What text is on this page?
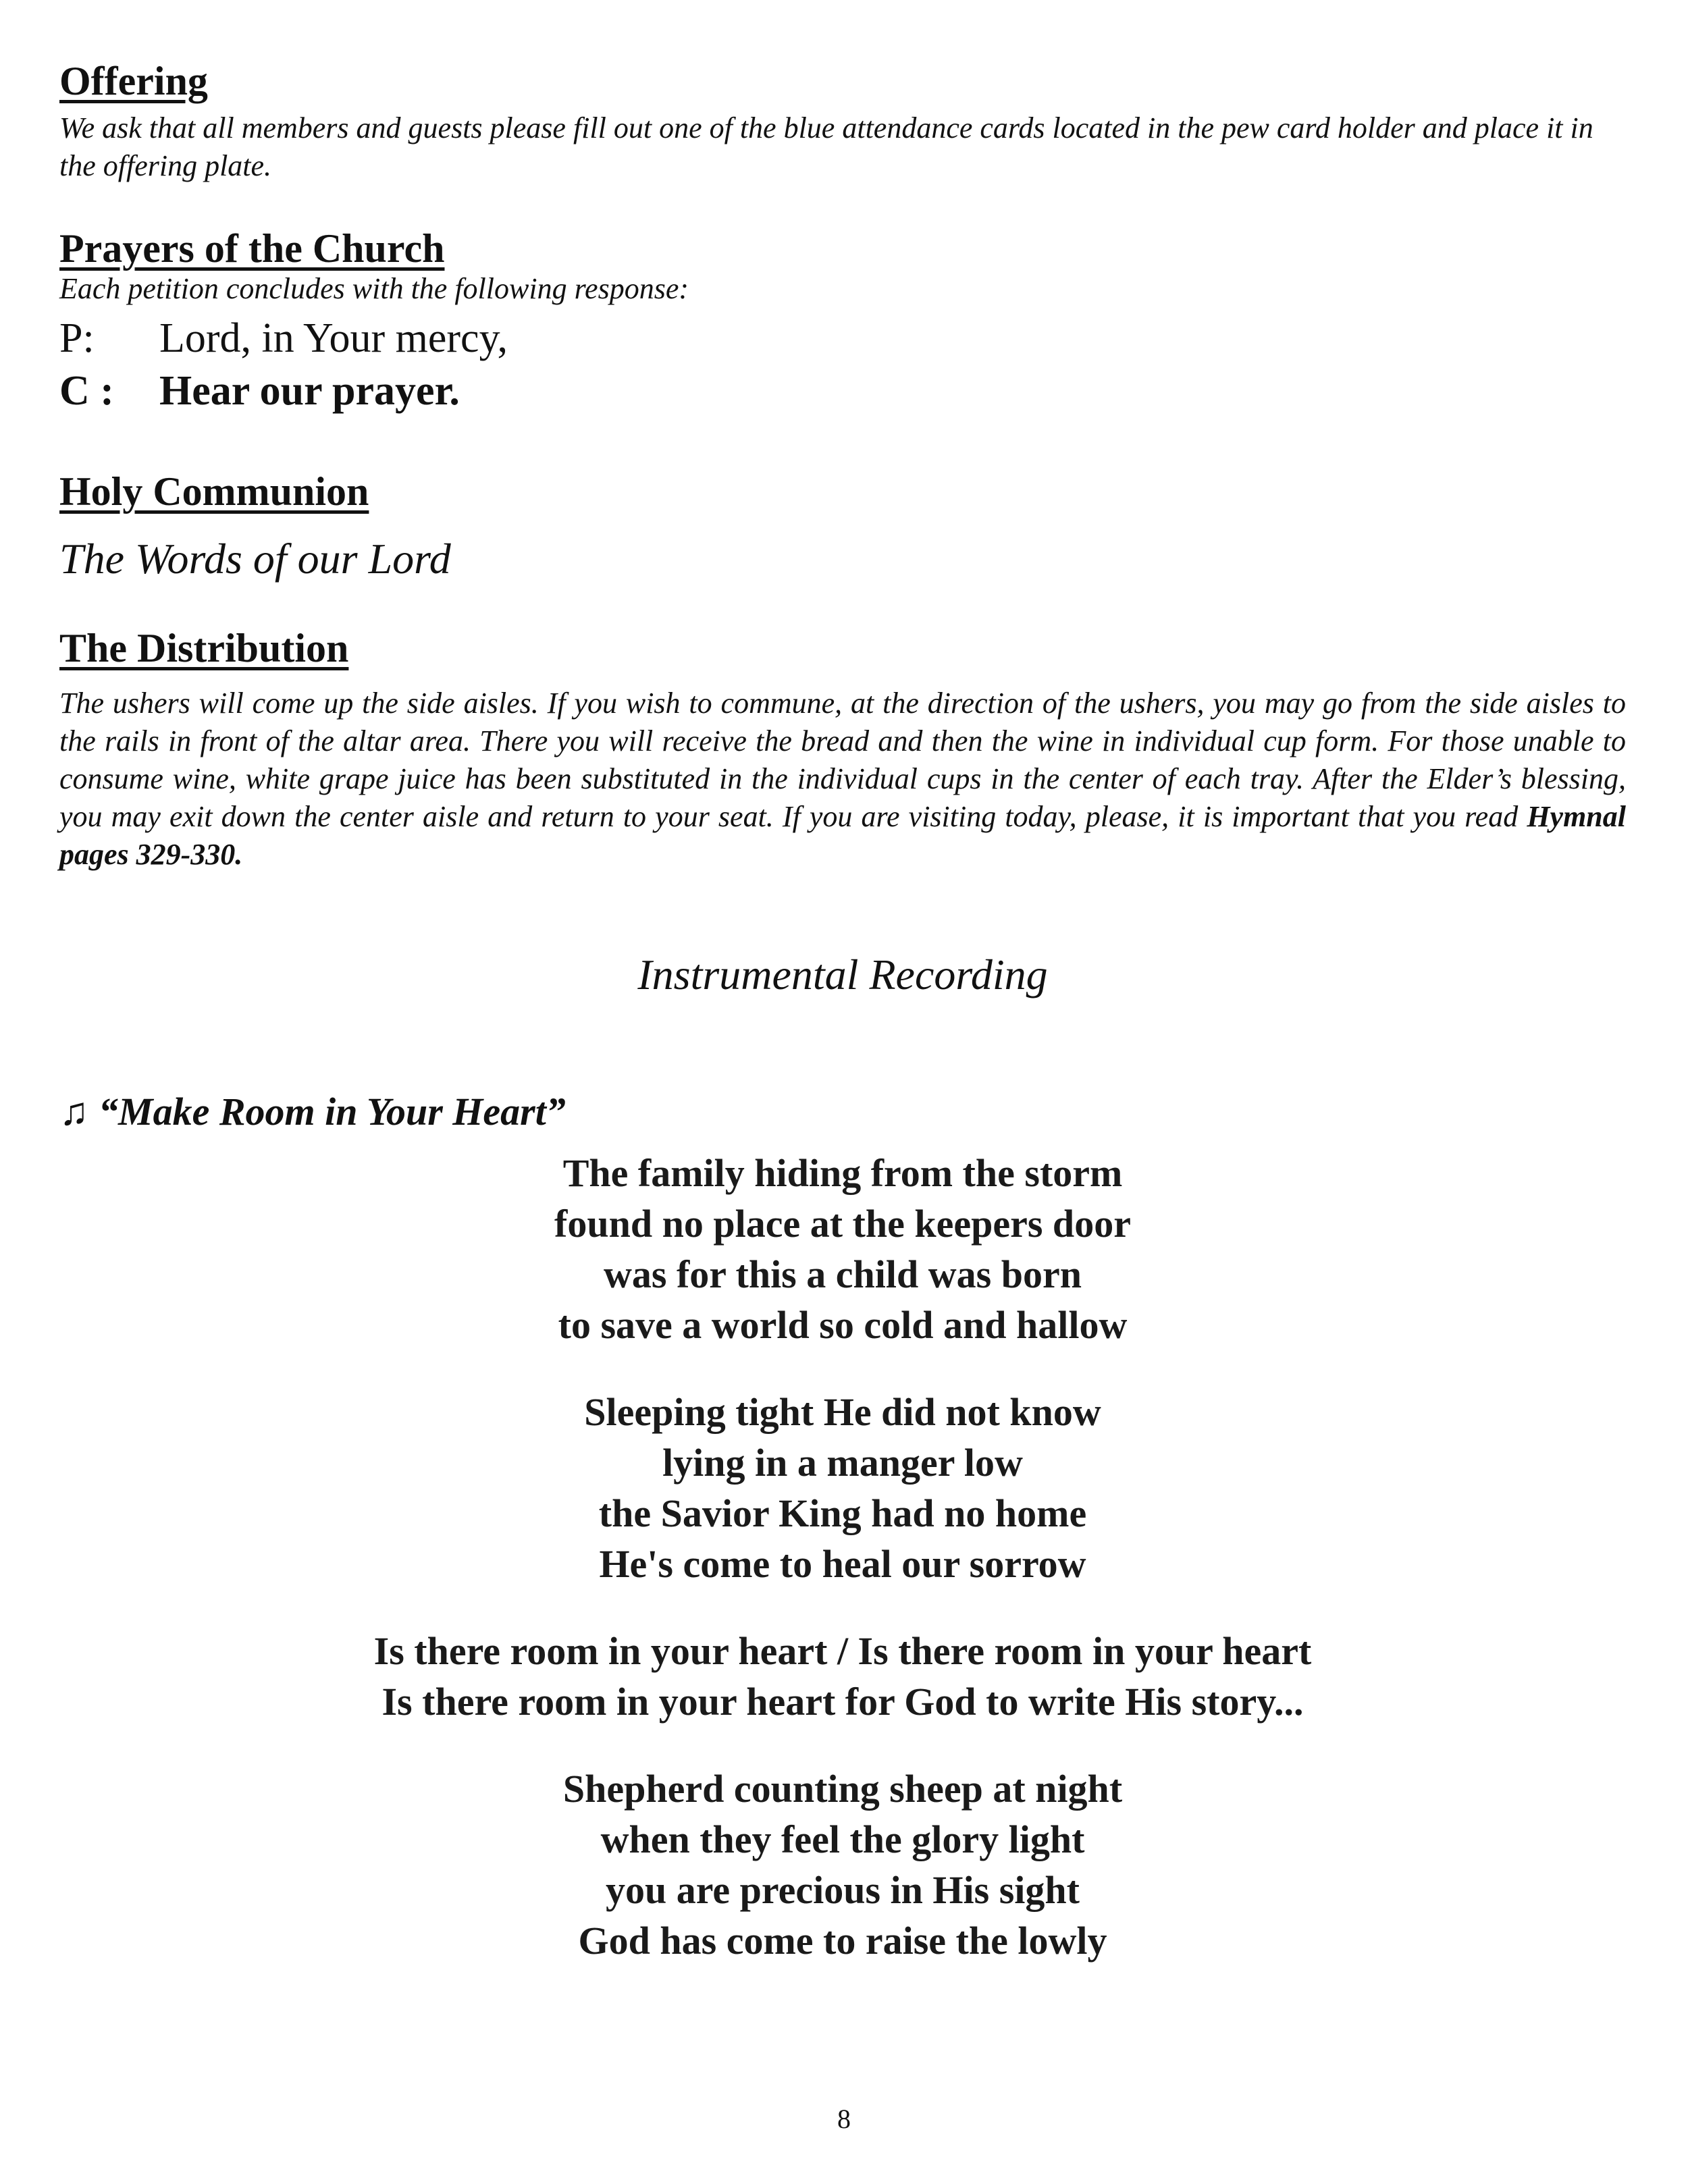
Offering

We ask that all members and guests please fill out one of the blue attendance cards located in the pew card holder and place it in the offering plate.

Prayers of the Church

Each petition concludes with the following response:

P:	Lord, in Your mercy,
C :	Hear our prayer.
Holy Communion

The Words of our Lord

The Distribution

The ushers will come up the side aisles. If you wish to commune, at the direction of the ushers, you may go from the side aisles to the rails in front of the altar area. There you will receive the bread and then the wine in individual cup form. For those unable to consume wine, white grape juice has been substituted in the individual cups in the center of each tray. After the Elder’s blessing, you may exit down the center aisle and return to your seat. If you are visiting today, please, it is important that you read Hymnal pages 329-330.

Instrumental Recording

♫ “Make Room in Your Heart”
The family hiding from the storm
found no place at the keepers door
was for this a child was born
to save a world so cold and hallow
Sleeping tight He did not know
lying in a manger low
the Savior King had no home
He's come to heal our sorrow
Is there room in your heart / Is there room in your heart
Is there room in your heart for God to write His story...
Shepherd counting sheep at night
when they feel the glory light
you are precious in His sight
God has come to raise the lowly
8
